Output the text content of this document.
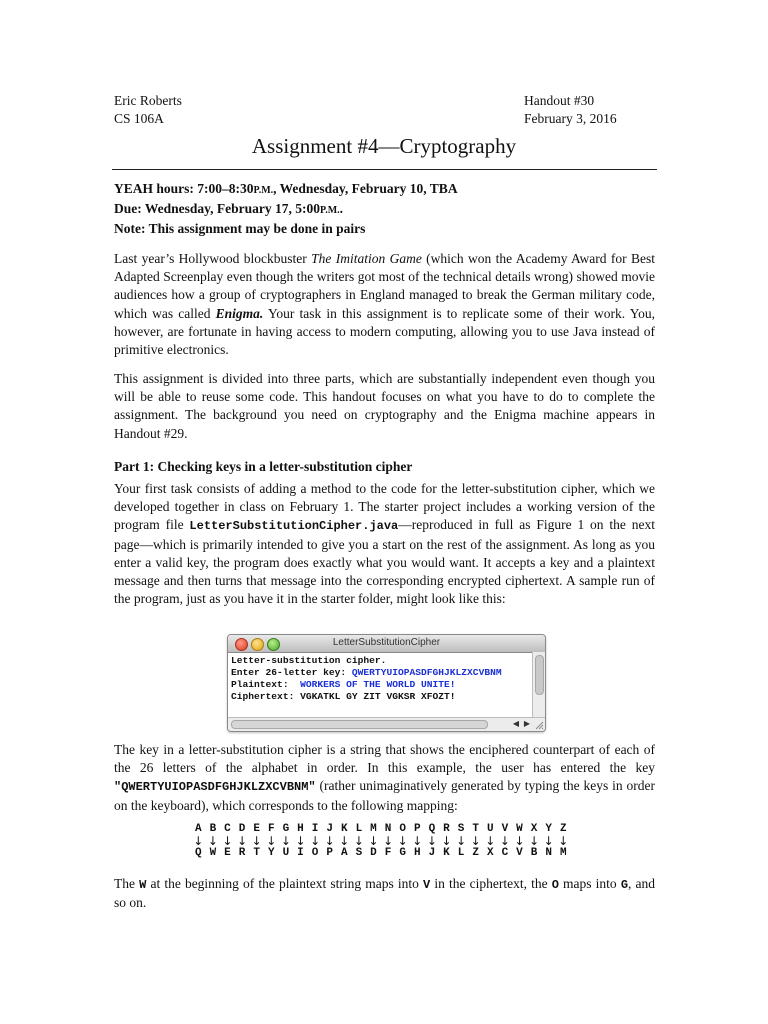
Eric Roberts
CS 106A
Handout #30
February 3, 2016
Assignment #4—Cryptography
YEAH hours: 7:00–8:30P.M., Wednesday, February 10, TBA
Due: Wednesday, February 17, 5:00P.M..
Note: This assignment may be done in pairs
Last year’s Hollywood blockbuster The Imitation Game (which won the Academy Award for Best Adapted Screenplay even though the writers got most of the technical details wrong) showed movie audiences how a group of cryptographers in England managed to break the German military code, which was called Enigma. Your task in this assignment is to replicate some of their work. You, however, are fortunate in having access to modern computing, allowing you to use Java instead of primitive electronics.
This assignment is divided into three parts, which are substantially independent even though you will be able to reuse some code. This handout focuses on what you have to do to complete the assignment. The background you need on cryptography and the Enigma machine appears in Handout #29.
Part 1: Checking keys in a letter-substitution cipher
Your first task consists of adding a method to the code for the letter-substitution cipher, which we developed together in class on February 1. The starter project includes a working version of the program file LetterSubstitutionCipher.java—reproduced in full as Figure 1 on the next page—which is primarily intended to give you a start on the rest of the assignment. As long as you enter a valid key, the program does exactly what you would want. It accepts a key and a plaintext message and then turns that message into the corresponding encrypted ciphertext. A sample run of the program, just as you have it in the starter folder, might look like this:
LetterSubstitutionCipher
Letter-substitution cipher.
Enter 26-letter key: QWERTYUIOPASDFGHJKLZXCVBNM
Plaintext:  WORKERS OF THE WORLD UNITE!
Ciphertext: VGKATKL GY ZIT VGKSR XFOZT!
◀ ▶
The key in a letter-substitution cipher is a string that shows the enciphered counterpart of each of the 26 letters of the alphabet in order. In this example, the user has entered the key "QWERTYUIOPASDFGHJKLZXCVBNM" (rather unimaginatively generated by typing the keys in order on the keyboard), which corresponds to the following mapping:
A B C D E F G H I J K L M N O P Q R S T U V W X Y Z
↓ ↓ ↓ ↓ ↓ ↓ ↓ ↓ ↓ ↓ ↓ ↓ ↓ ↓ ↓ ↓ ↓ ↓ ↓ ↓ ↓ ↓ ↓ ↓ ↓ ↓
Q W E R T Y U I O P A S D F G H J K L Z X C V B N M
The W at the beginning of the plaintext string maps into V in the ciphertext, the O maps into G, and so on.
